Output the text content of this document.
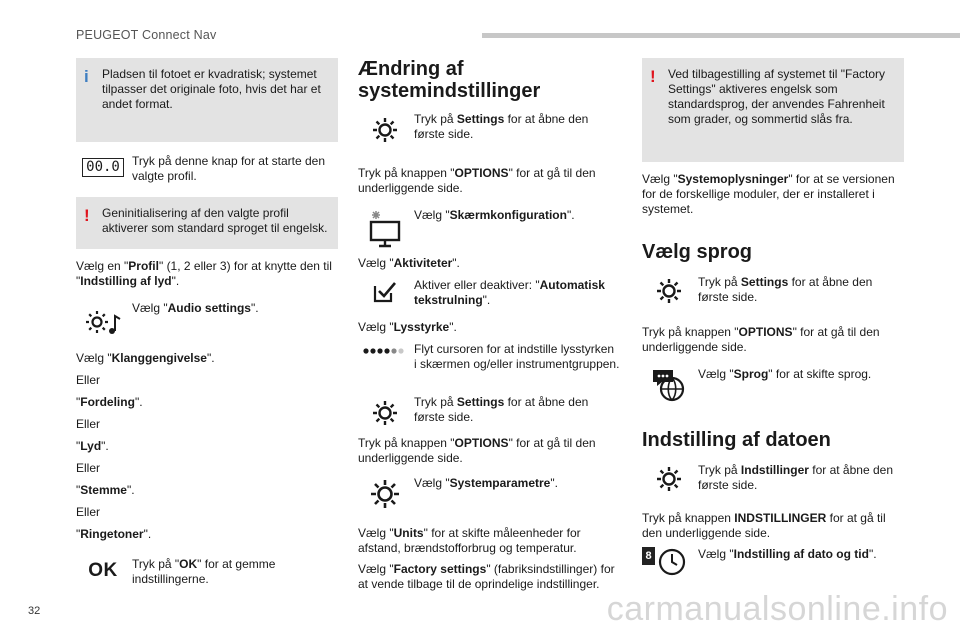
PEUGEOT Connect Nav
i Pladsen til fotoet er kvadratisk; systemet tilpasser det originale foto, hvis det har et andet format.

00.0	Tryk på denne knap for at starte den valgte profil.

! Geninitialisering af den valgte profil aktiverer som standard sproget til engelsk.

Vælg en "Profil" (1, 2 eller 3) for at knytte den til "Indstilling af lyd".

Vælg "Audio settings".

Vælg "Klanggengivelse".

Eller

"Fordeling".

Eller

"Lyd".

Eller

"Stemme".

Eller

"Ringetoner".

OK Tryk på "OK" for at gemme indstillingerne.

Ændring af systemindstillinger

Tryk på Settings for at åbne den første side.

Tryk på knappen "OPTIONS" for at gå til den underliggende side.

Vælg "Skærmkonfiguration".

Vælg "Aktiviteter".

Aktiver eller deaktiver: "Automatisk tekstrulning".

Vælg "Lysstyrke".

Flyt cursoren for at indstille lysstyrken i skærmen og/eller instrumentgruppen.

Tryk på Settings for at åbne den første side.

Tryk på knappen "OPTIONS" for at gå til den underliggende side.

Vælg "Systemparametre".

Vælg "Units" for at skifte måleenheder for afstand, brændstofforbrug og temperatur.

Vælg "Factory settings" (fabriksindstillinger) for at vende tilbage til de oprindelige indstillinger.

! Ved tilbagestilling af systemet til "Factory Settings" aktiveres engelsk som standardsprog, der anvendes Fahrenheit som grader, og sommertid slås fra.

Vælg "Systemoplysninger" for at se versionen for de forskellige moduler, der er installeret i systemet.

Vælg sprog

Tryk på Settings for at åbne den første side.

Tryk på knappen "OPTIONS" for at gå til den underliggende side.

Vælg "Sprog" for at skifte sprog.

Indstilling af datoen

Tryk på Indstillinger for at åbne den første side.

Tryk på knappen INDSTILLINGER for at gå til den underliggende side.

8	Vælg "Indstilling af dato og tid".

32	carmanualsonline.info
